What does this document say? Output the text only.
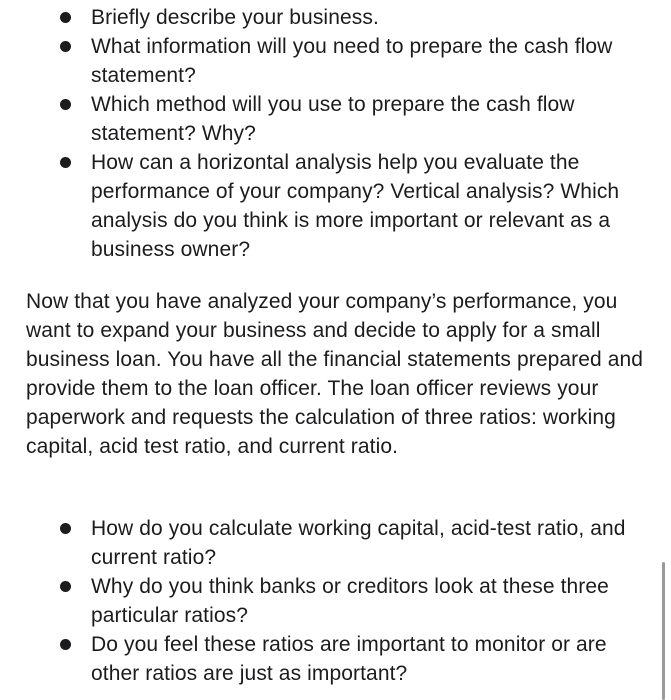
Briefly describe your business.
What information will you need to prepare the cash flow statement?
Which method will you use to prepare the cash flow statement? Why?
How can a horizontal analysis help you evaluate the performance of your company? Vertical analysis? Which analysis do you think is more important or relevant as a business owner?

Now that you have analyzed your company’s performance, you want to expand your business and decide to apply for a small business loan. You have all the financial statements prepared and provide them to the loan officer. The loan officer reviews your paperwork and requests the calculation of three ratios: working capital, acid test ratio, and current ratio.

How do you calculate working capital, acid-test ratio, and current ratio?
Why do you think banks or creditors look at these three particular ratios?
Do you feel these ratios are important to monitor or are other ratios are just as important?
